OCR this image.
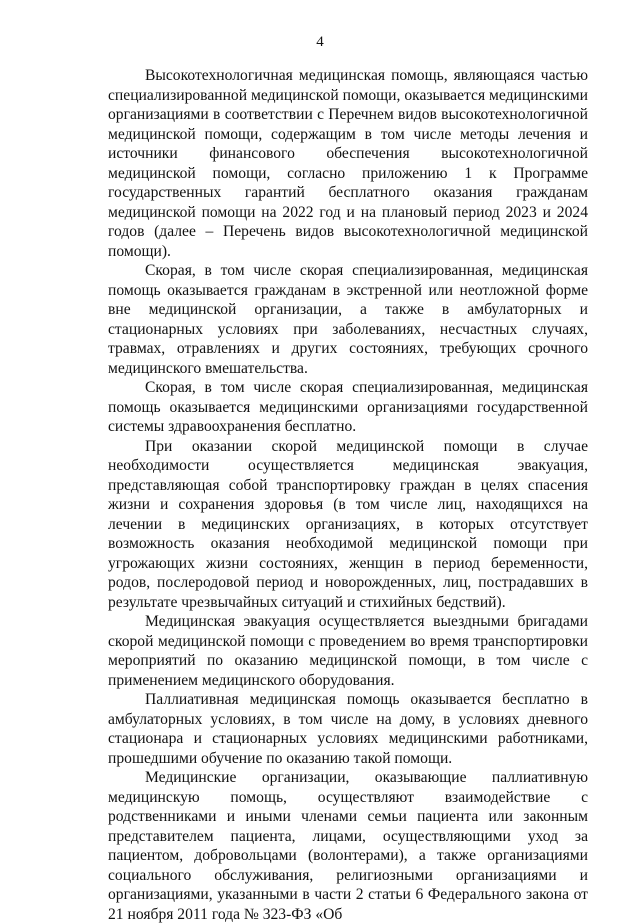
4

Высокотехнологичная медицинская помощь, являющаяся частью специализированной медицинской помощи, оказывается медицинскими организациями в соответствии с Перечнем видов высокотехнологичной медицинской помощи, содержащим в том числе методы лечения и источники финансового обеспечения высокотехнологичной медицинской помощи, согласно приложению 1 к Программе государственных гарантий бесплатного оказания гражданам медицинской помощи на 2022 год и на плановый период 2023 и 2024 годов (далее – Перечень видов высокотехнологичной медицинской помощи).

Скорая, в том числе скорая специализированная, медицинская помощь оказывается гражданам в экстренной или неотложной форме вне медицинской организации, а также в амбулаторных и стационарных условиях при заболеваниях, несчастных случаях, травмах, отравлениях и других состояниях, требующих срочного медицинского вмешательства.

Скорая, в том числе скорая специализированная, медицинская помощь оказывается медицинскими организациями государственной системы здравоохранения бесплатно.

При оказании скорой медицинской помощи в случае необходимости осуществляется медицинская эвакуация, представляющая собой транспортировку граждан в целях спасения жизни и сохранения здоровья (в том числе лиц, находящихся на лечении в медицинских организациях, в которых отсутствует возможность оказания необходимой медицинской помощи при угрожающих жизни состояниях, женщин в период беременности, родов, послеродовой период и новорожденных, лиц, пострадавших в результате чрезвычайных ситуаций и стихийных бедствий).

Медицинская эвакуация осуществляется выездными бригадами скорой медицинской помощи с проведением во время транспортировки мероприятий по оказанию медицинской помощи, в том числе с применением медицинского оборудования.

Паллиативная медицинская помощь оказывается бесплатно в амбулаторных условиях, в том числе на дому, в условиях дневного стационара и стационарных условиях медицинскими работниками, прошедшими обучение по оказанию такой помощи.

Медицинские организации, оказывающие паллиативную медицинскую помощь, осуществляют взаимодействие с родственниками и иными членами семьи пациента или законным представителем пациента, лицами, осуществляющими уход за пациентом, добровольцами (волонтерами), а также организациями социального обслуживания, религиозными организациями и организациями, указанными в части 2 статьи 6 Федерального закона от 21 ноября 2011 года № 323-ФЗ «Об
